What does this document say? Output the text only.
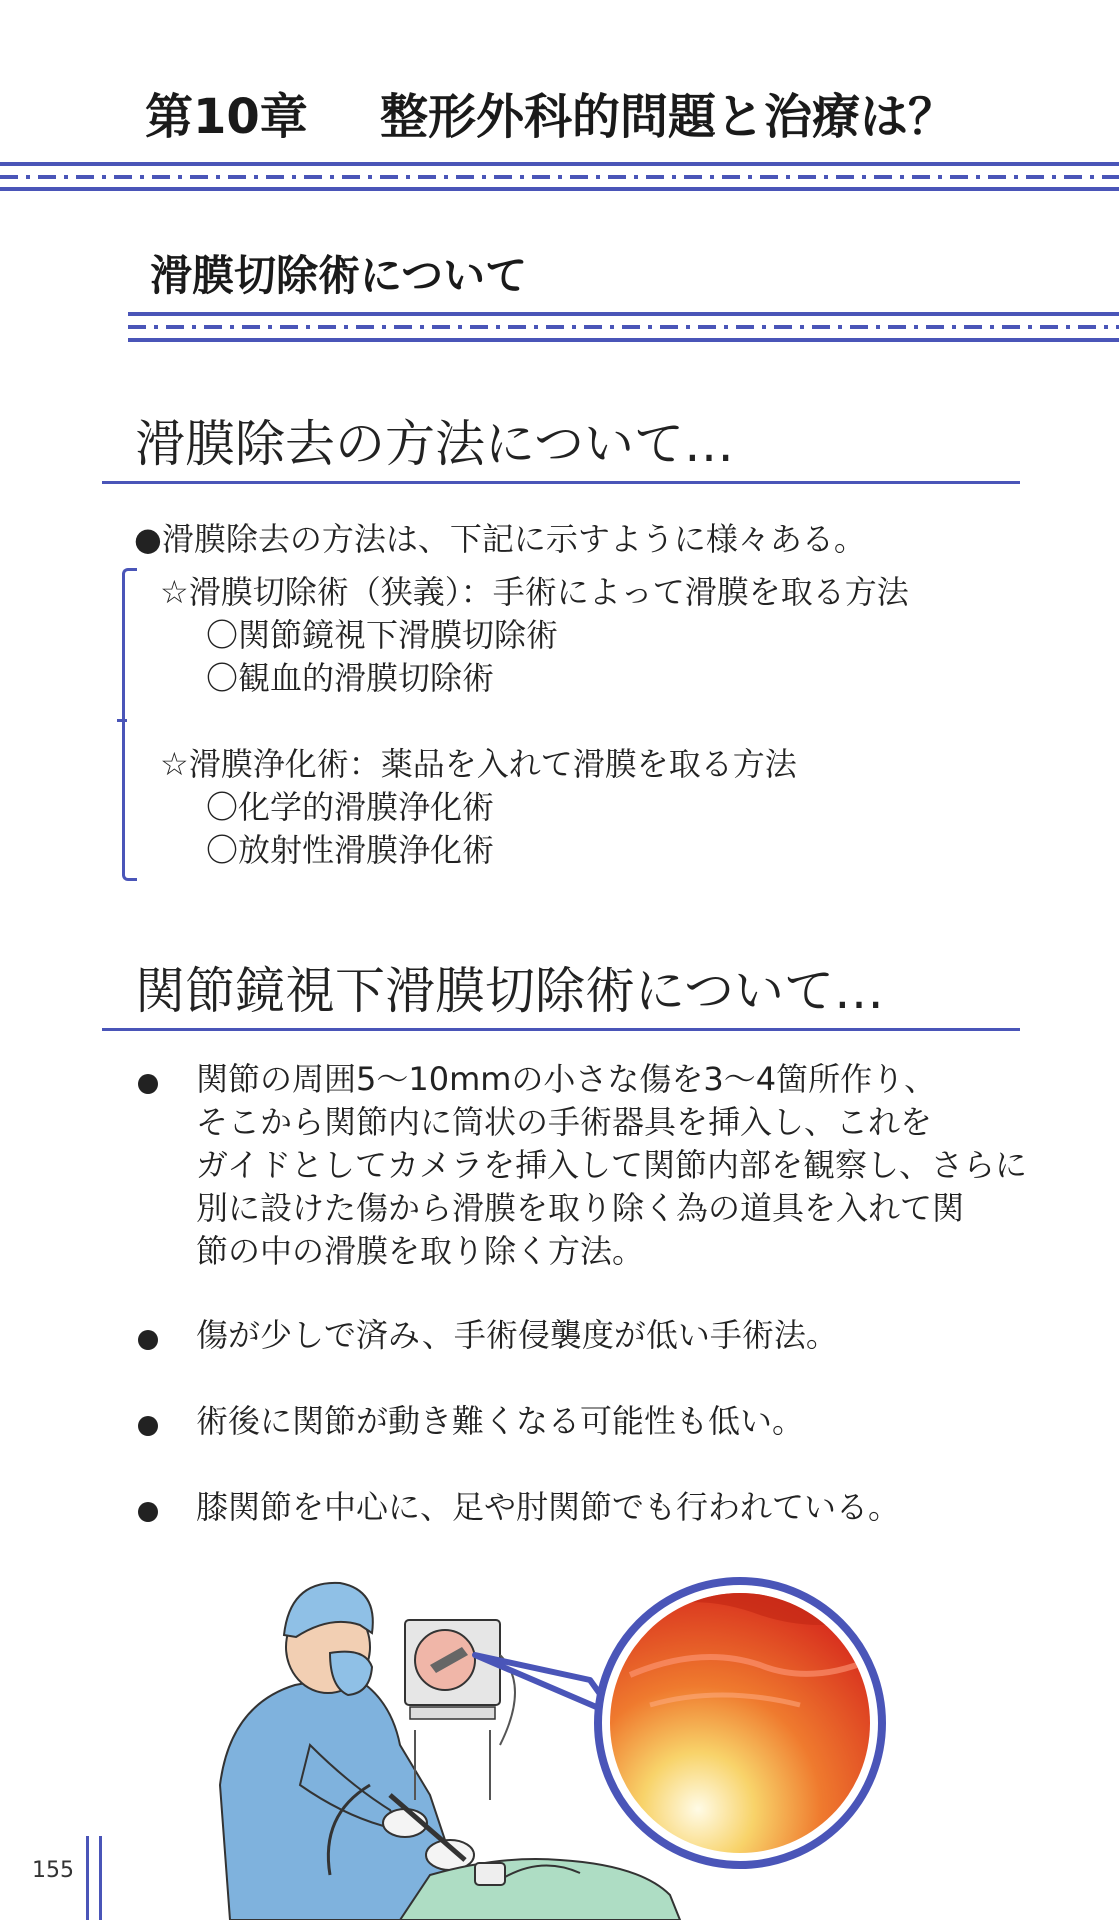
第10章 整形外科的問題と治療は？
滑膜切除術について
滑膜除去の方法について…
●滑膜除去の方法は、下記に示すように様々ある。
☆滑膜切除術（狭義）：手術によって滑膜を取る方法
〇関節鏡視下滑膜切除術
〇観血的滑膜切除術
☆滑膜浄化術：薬品を入れて滑膜を取る方法
〇化学的滑膜浄化術
〇放射性滑膜浄化術
関節鏡視下滑膜切除術について…
関節の周囲5～10mmの小さな傷を3～4箇所作り、
そこから関節内に筒状の手術器具を挿入し、これを
ガイドとしてカメラを挿入して関節内部を観察し、さらに
別に設けた傷から滑膜を取り除く為の道具を入れて関
節の中の滑膜を取り除く方法。
傷が少しで済み、手術侵襲度が低い手術法。
術後に関節が動き難くなる可能性も低い。
膝関節を中心に、足や肘関節でも行われている。
155
